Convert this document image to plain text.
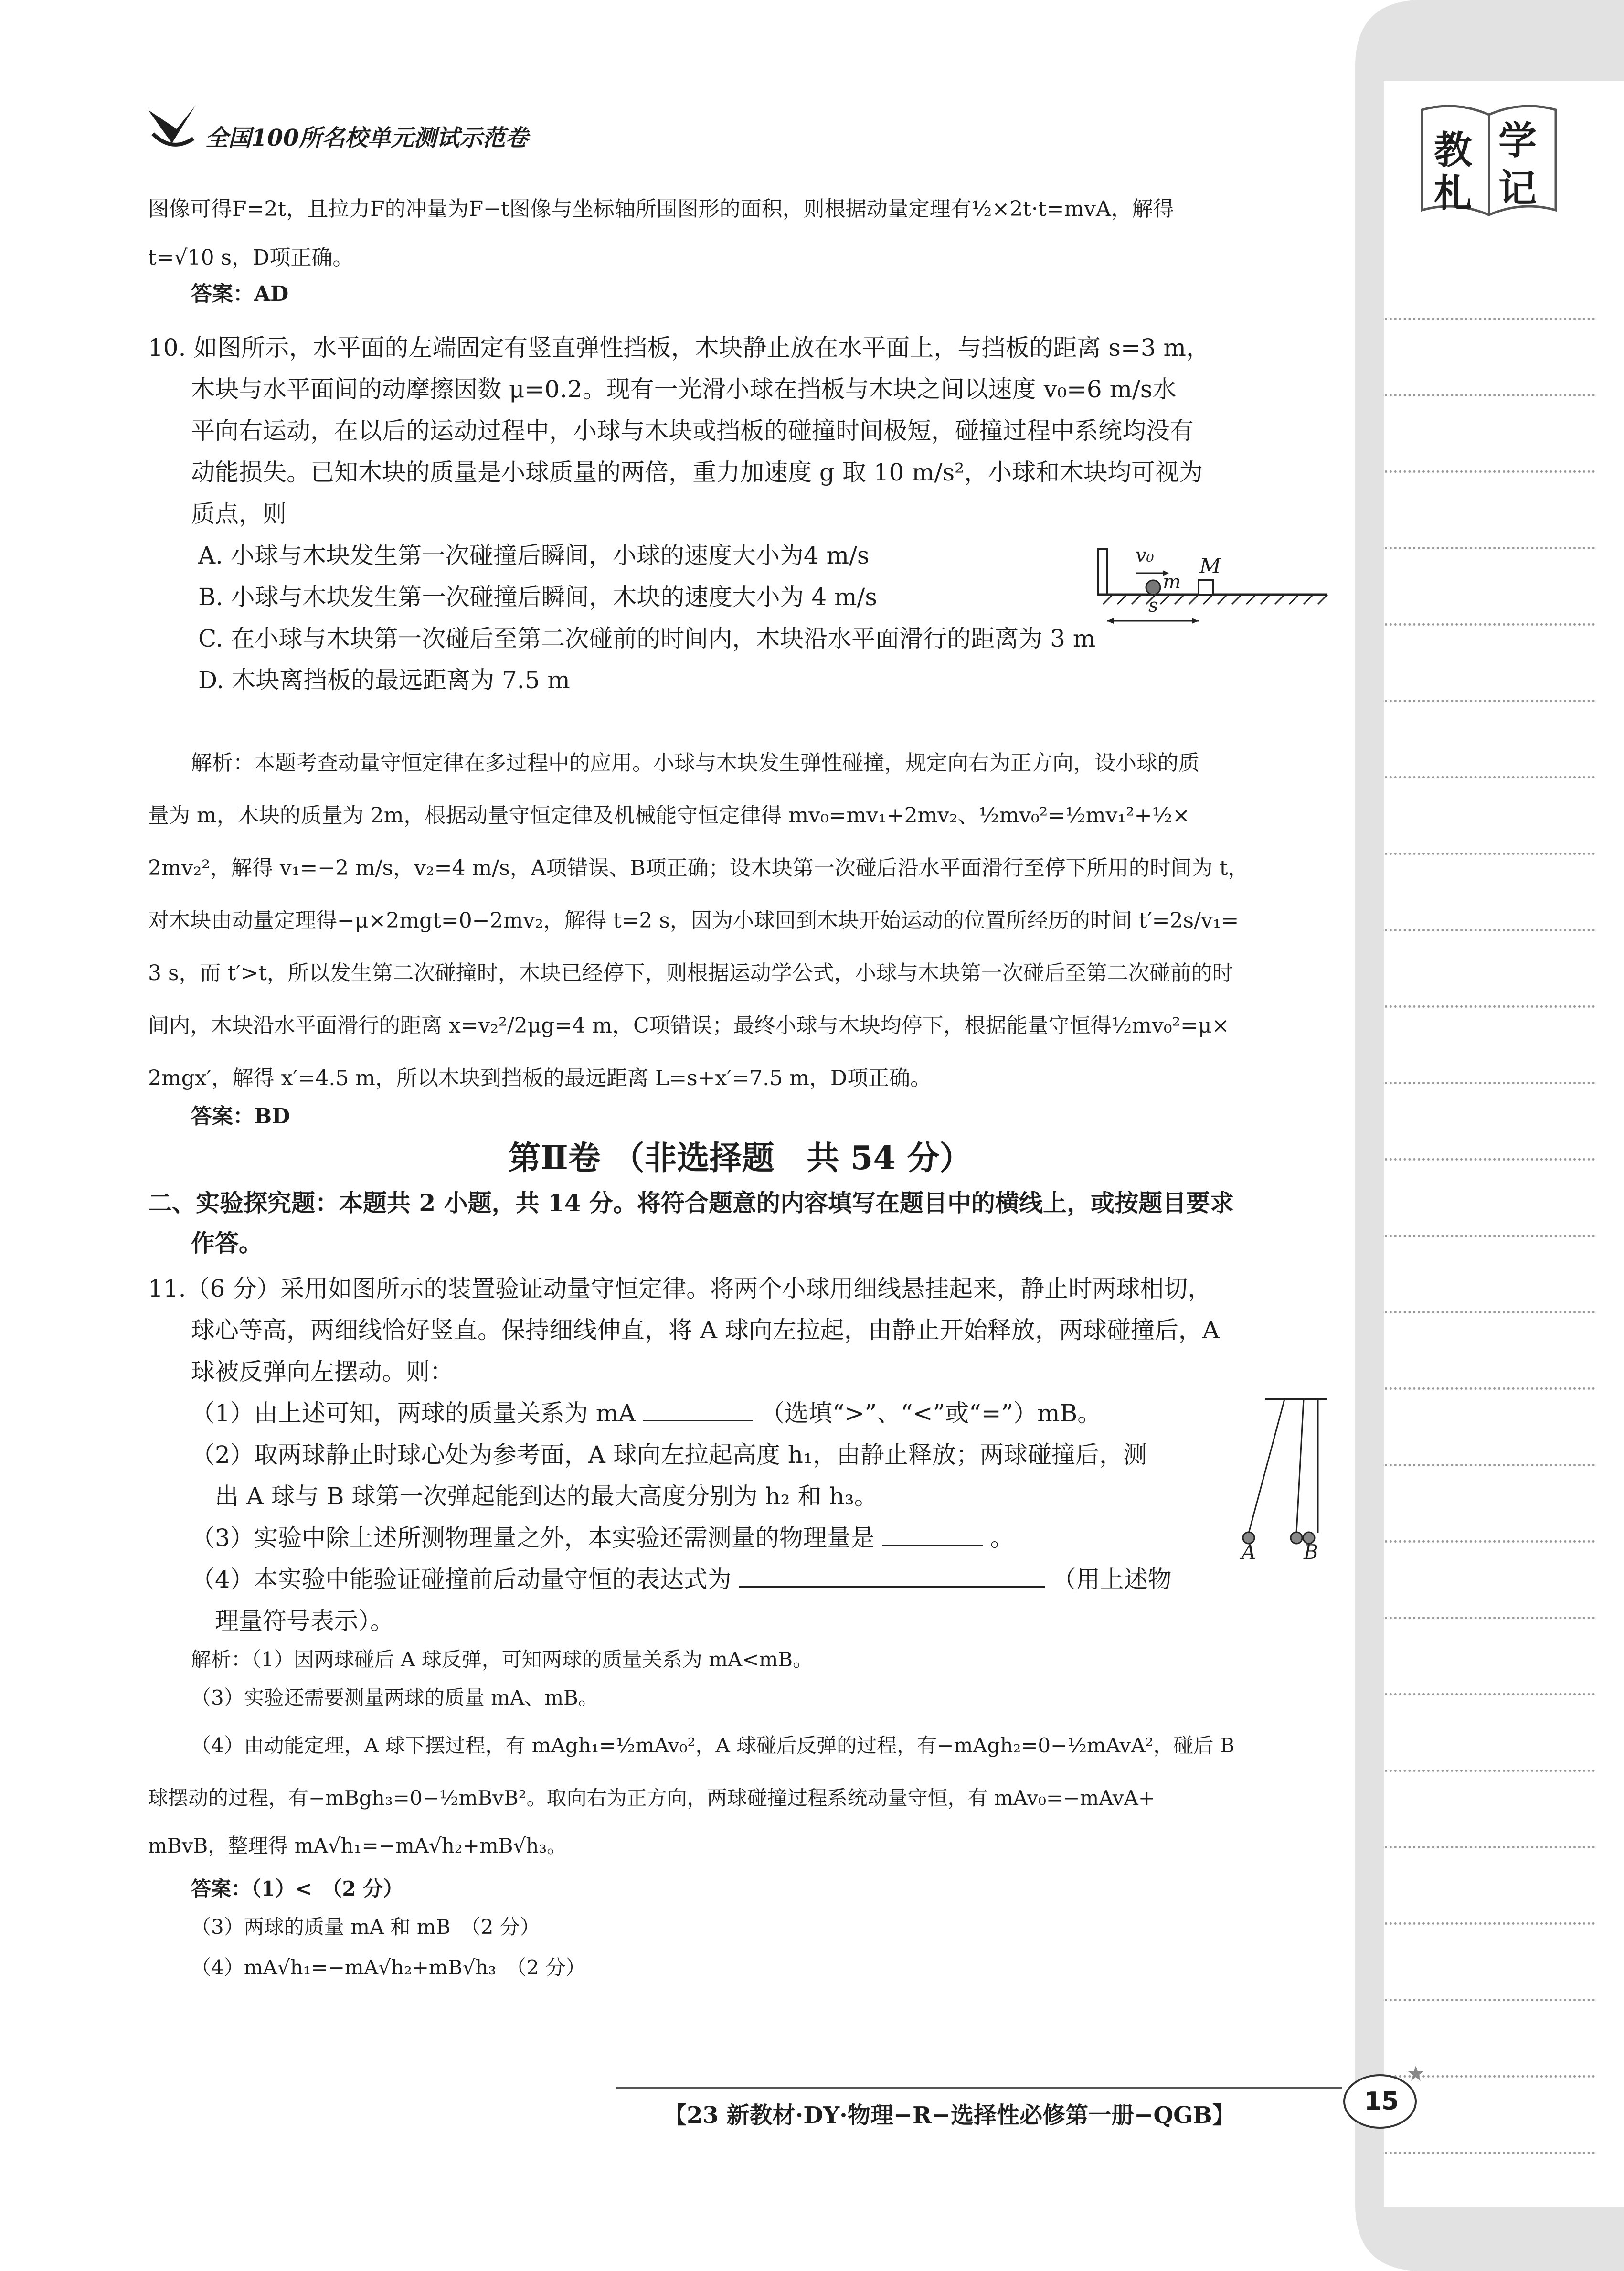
全国100所名校单元测试示范卷	教 学
札 记
图像可得F=2t，且拉力F的冲量为F−t图像与坐标轴所围图形的面积，则根据动量定理有½×2t·t=mvA，解得
t=√10 s，D项正确。
答案：AD
10. 如图所示，水平面的左端固定有竖直弹性挡板，木块静止放在水平面上，与挡板的距离 s=3 m，
木块与水平面间的动摩擦因数 μ=0.2。现有一光滑小球在挡板与木块之间以速度 v₀=6 m/s水
平向右运动，在以后的运动过程中，小球与木块或挡板的碰撞时间极短，碰撞过程中系统均没有
动能损失。已知木块的质量是小球质量的两倍，重力加速度 g 取 10 m/s²，小球和木块均可视为
质点，则
A. 小球与木块发生第一次碰撞后瞬间，小球的速度大小为4 m/s
B. 小球与木块发生第一次碰撞后瞬间，木块的速度大小为 4 m/s
C. 在小球与木块第一次碰后至第二次碰前的时间内，木块沿水平面滑行的距离为 3 m
D. 木块离挡板的最远距离为 7.5 m
v₀
m
M
s
解析：本题考查动量守恒定律在多过程中的应用。小球与木块发生弹性碰撞，规定向右为正方向，设小球的质
量为 m，木块的质量为 2m，根据动量守恒定律及机械能守恒定律得 mv₀=mv₁+2mv₂、½mv₀²=½mv₁²+½×
2mv₂²，解得 v₁=−2 m/s，v₂=4 m/s，A项错误、B项正确；设木块第一次碰后沿水平面滑行至停下所用的时间为 t，
对木块由动量定理得−μ×2mgt=0−2mv₂，解得 t=2 s，因为小球回到木块开始运动的位置所经历的时间 t′=2s/v₁=
3 s，而 t′>t，所以发生第二次碰撞时，木块已经停下，则根据运动学公式，小球与木块第一次碰后至第二次碰前的时
间内，木块沿水平面滑行的距离 x=v₂²/2μg=4 m，C项错误；最终小球与木块均停下，根据能量守恒得½mv₀²=μ×
2mgx′，解得 x′=4.5 m，所以木块到挡板的最远距离 L=s+x′=7.5 m，D项正确。
答案：BD
第Ⅱ卷 （非选择题　共 54 分）
二、实验探究题：本题共 2 小题，共 14 分。将符合题意的内容填写在题目中的横线上，或按题目要求
作答。
11.（6 分）采用如图所示的装置验证动量守恒定律。将两个小球用细线悬挂起来，静止时两球相切，
球心等高，两细线恰好竖直。保持细线伸直，将 A 球向左拉起，由静止开始释放，两球碰撞后，A
球被反弹向左摆动。则：
（1）由上述可知，两球的质量关系为 mA	（选填“>”、“<”或“=”）mB。
（2）取两球静止时球心处为参考面，A 球向左拉起高度 h₁，由静止释放；两球碰撞后，测
出 A 球与 B 球第一次弹起能到达的最大高度分别为 h₂ 和 h₃。
（3）实验中除上述所测物理量之外，本实验还需测量的物理量是	。
（4）本实验中能验证碰撞前后动量守恒的表达式为	（用上述物
理量符号表示）。
A B
解析：（1）因两球碰后 A 球反弹，可知两球的质量关系为 mA<mB。
（3）实验还需要测量两球的质量 mA、mB。
（4）由动能定理，A 球下摆过程，有 mAgh₁=½mAv₀²，A 球碰后反弹的过程，有−mAgh₂=0−½mAvA²，碰后 B
球摆动的过程，有−mBgh₃=0−½mBvB²。取向右为正方向，两球碰撞过程系统动量守恒，有 mAv₀=−mAvA+
mBvB，整理得 mA√h₁=−mA√h₂+mB√h₃。
答案：（1）<　（2 分）
（3）两球的质量 mA 和 mB　（2 分）
（4）mA√h₁=−mA√h₂+mB√h₃　（2 分）
【23 新教材·DY·物理−R−选择性必修第一册−QGB】	15
